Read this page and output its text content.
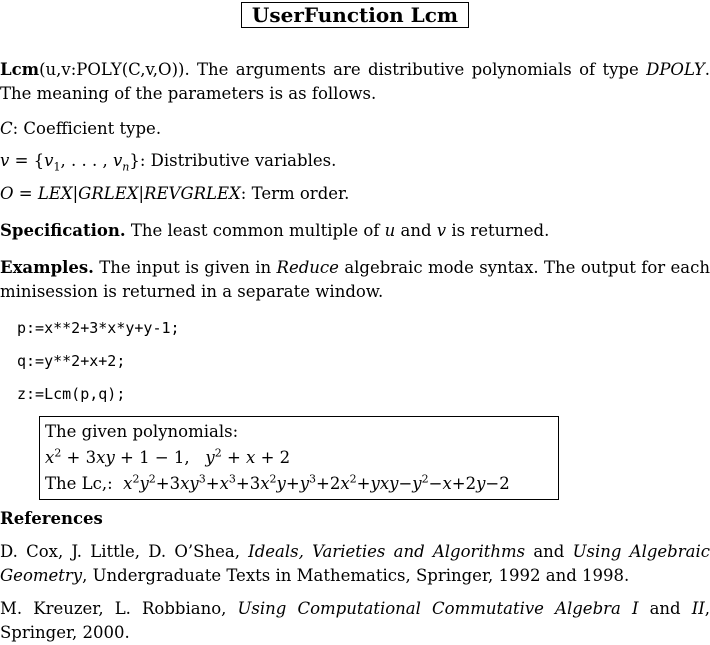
UserFunction Lcm

Lcm(u,v:POLY(C,v,O)). The arguments are distributive polynomials of type DPOLY. The meaning of the parameters is as follows.

C: Coefficient type.

$v = \{v_1$, . . . , $v_n$}: Distributive variables.

O = LEX|GRLEX|REVGRLEX: Term order.

Specification. The least common multiple of u and v is returned.

Examples. The input is given in Reduce algebraic mode syntax. The output for each minisession is returned in a separate window.

p:=x**2+3*x*y+y-1;
q:=y**2+x+2;
z:=Lcm(p,q);
The given polynomials:
$x^2 + 3xy + 1 - 1$,   $y^2 + x + 2$
The Lc,: $x^2y^2+3xy^3+x^3+3x^2y+y^3+2x^2+yxy-y^2-x+2y-2$

References

D. Cox, J. Little, D. O’Shea, Ideals, Varieties and Algorithms and Using Algebraic Geometry, Undergraduate Texts in Mathematics, Springer, 1992 and 1998.

M. Kreuzer, L. Robbiano, Using Computational Commutative Algebra I and II, Springer, 2000.
